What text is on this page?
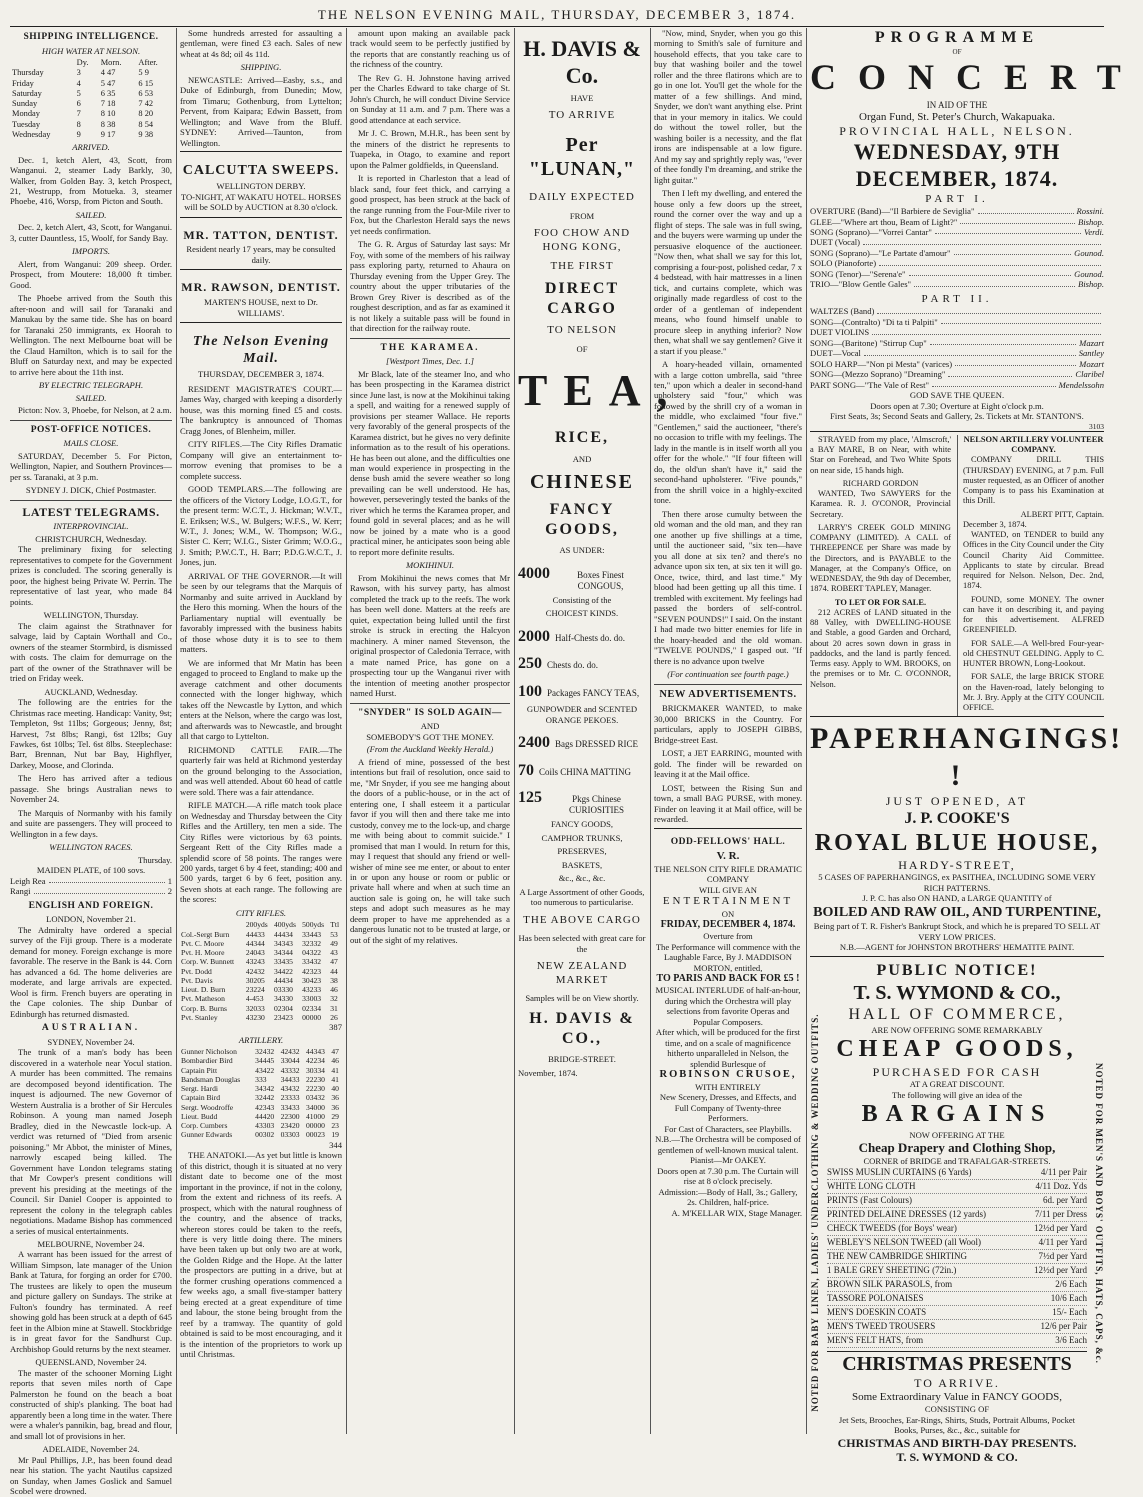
THE NELSON EVENING MAIL, THURSDAY, DECEMBER 3, 1874.
SHIPPING INTELLIGENCE.
HIGH WATER AT NELSON.
	Dy.	Morn.	After.
Thursday	3	4 47	5 9
Friday	4	5 47	6 15
Saturday	5	6 35	6 53
Sunday	6	7 18	7 42
Monday	7	8 10	8 20
Tuesday	8	8 38	8 54
Wednesday	9	9 17	9 38
ARRIVED.

Dec. 1, ketch Alert, 43, Scott, from Wanganui. 2, steamer Lady Barkly, 30, Walker, from Golden Bay. 3, ketch Prospect, 21, Westrupp, from Motueka. 3, steamer Phoebe, 416, Worsp, from Picton and South.

SAILED.

Dec. 2, ketch Alert, 43, Scott, for Wanganui. 3, cutter Dauntless, 15, Woolf, for Sandy Bay.

IMPORTS.

Alert, from Wanganui: 209 sheep. Order. Prospect, from Moutere: 18,000 ft timber. Good.

The Phoebe arrived from the South this after-noon and will sail for Taranaki and Manukau by the same tide. She has on board for Taranaki 250 immigrants, ex Hoorah to Wellington. The next Melbourne boat will be the Claud Hamilton, which is to sail for the Bluff on Saturday next, and may be expected to arrive here about the 11th inst.

BY ELECTRIC TELEGRAPH.
SAILED.

Picton: Nov. 3, Phoebe, for Nelson, at 2 a.m.

POST-OFFICE NOTICES.
MAILS CLOSE.

SATURDAY, December 5. For Picton, Wellington, Napier, and Southern Provinces—per ss. Taranaki, at 3 p.m.

SYDNEY J. DICK, Chief Postmaster.
LATEST TELEGRAMS.
INTERPROVINCIAL.
CHRISTCHURCH, Wednesday.

The preliminary fixing for selecting representatives to compete for the Government prizes is concluded. The scoring generally is poor, the highest being Private W. Perrin. The representative of last year, who made 84 points.

WELLINGTON, Thursday.

The claim against the Strathnaver for salvage, laid by Captain Worthall and Co., owners of the steamer Stormbird, is dismissed with costs. The claim for demurrage on the part of the owner of the Strathnaver will be tried on Friday week.

AUCKLAND, Wednesday.

The following are the entries for the Christmas race meeting. Handicap: Vanity, 9st; Templeton, 9st 11lbs; Gorgeous; Jenny, 8st; Harvest, 7st 8lbs; Rangi, 6st 12lbs; Guy Fawkes, 6st 10lbs; Tel. 6st 8lbs. Steeplechase: Barr, Brennan, Nut bar Bay, Highflyer, Darkey, Moose, and Clorinda.

The Hero has arrived after a tedious passage. She brings Australian news to November 24.

The Marquis of Normanby with his family and suite are passengers. They will proceed to Wellington in a few days.

WELLINGTON RACES.
Thursday.
MAIDEN PLATE, of 100 sovs.
Leigh Rea	1
Rangi	2
ENGLISH AND FOREIGN.
LONDON, November 21.

The Admiralty have ordered a special survey of the Fiji group. There is a moderate demand for money. Foreign exchange is more favorable. The reserve in the Bank is 44. Corn has advanced a 6d. The home deliveries are moderate, and large arrivals are expected. Wool is firm. French buyers are operating in the Cape colonies. The ship Dunbar of Edinburgh has returned dismasted.

AUSTRALIAN.
SYDNEY, November 24.

The trunk of a man's body has been discovered in a waterhole near Yocul station. A murder has been committed. The remains are decomposed beyond identification. The inquest is adjourned. The new Governor of Western Australia is a brother of Sir Hercules Robinson. A young man named Joseph Bradley, died in the Newcastle lock-up. A verdict was returned of "Died from arsenic poisoning." Mr Abbot, the minister of Mines, narrowly escaped being killed. The Government have London telegrams stating that Mr Cowper's present conditions will prevent his presiding at the meetings of the Council. Sir Daniel Cooper is appointed to represent the colony in the telegraph cables negotiations. Madame Bishop has commenced a series of musical entertainments.

MELBOURNE, November 24.

A warrant has been issued for the arrest of William Simpson, late manager of the Union Bank at Tatura, for forging an order for £700. The trustees are likely to open the museum and picture gallery on Sundays. The strike at Fulton's foundry has terminated. A reef showing gold has been struck at a depth of 645 feet in the Albion mine at Stawell. Stockbridge is in great favor for the Sandhurst Cup. Archbishop Gould returns by the next steamer.

QUEENSLAND, November 24.

The master of the schooner Morning Light reports that seven miles north of Cape Palmerston he found on the beach a boat constructed of ship's planking. The boat had apparently been a long time in the water. There were a whaler's pannikin, bag, bread and flour, and small lot of provisions in her.

ADELAIDE, November 24.

Mr Paul Phillips, J.P., has been found dead near his station. The yacht Nautilus capsized on Sunday, when James Goslick and Samuel Scobel were drowned.

Some hundreds arrested for assaulting a gentleman, were fined £3 each. Sales of new wheat at 4s 8d; oil 4s 11d.

SHIPPING.

NEWCASTLE: Arrived—Easby, s.s., and Duke of Edinburgh, from Dunedin; Mow, from Timaru; Gothenburg, from Lyttelton; Pervent, from Kaipara; Edwin Bassett, from Wellington; and Wave from the Bluff. SYDNEY: Arrived—Taunton, from Wellington.

CALCUTTA SWEEPS.
WELLINGTON DERBY.
TO-NIGHT, AT WAKATU HOTEL. HORSES will be SOLD by AUCTION at 8.30 o'clock.
MR. TATTON, DENTIST.
Resident nearly 17 years, may be consulted daily.
MR. RAWSON, DENTIST.
MARTEN'S HOUSE, next to Dr. WILLIAMS'.
The Nelson Evening Mail.
THURSDAY, DECEMBER 3, 1874.

RESIDENT MAGISTRATE'S COURT.—James Way, charged with keeping a disorderly house, was this morning fined £5 and costs. The bankruptcy is announced of Thomas Cragg Jones, of Blenheim, miller.

CITY RIFLES.—The City Rifles Dramatic Company will give an entertainment to-morrow evening that promises to be a complete success.

GOOD TEMPLARS.—The following are the officers of the Victory Lodge, I.O.G.T., for the present term: W.C.T., J. Hickman; W.V.T., E. Eriksen; W.S., W. Bulgers; W.F.S., W. Kerr; W.T., J. Jones; W.M., W. Thompson; W.G., Sister C. Kerr; W.I.G., Sister Grimm; W.O.G., J. Smith; P.W.C.T., H. Barr; P.D.G.W.C.T., J. Jones, jun.

ARRIVAL OF THE GOVERNOR.—It will be seen by our telegrams that the Marquis of Normanby and suite arrived in Auckland by the Hero this morning. When the hours of the Parliamentary nuptial will eventually be favorably impressed with the business habits of those whose duty it is to see to them matters.

We are informed that Mr Matin has been engaged to proceed to England to make up the average catchment and other documents connected with the longer highway, which takes off the Newcastle by Lytton, and which enters at the Nelson, where the cargo was lost, and afterwards was to Newcastle, and brought all that cargo to Lyttelton.

RICHMOND CATTLE FAIR.—The quarterly fair was held at Richmond yesterday on the ground belonging to the Association, and was well attended. About 60 head of cattle were sold. There was a fair attendance.

RIFLE MATCH.—A rifle match took place on Wednesday and Thursday between the City Rifles and the Artillery, ten men a side. The City Rifles were victorious by 63 points. Sergeant Rett of the City Rifles made a splendid score of 58 points. The ranges were 200 yards, target 6 by 4 feet, standing; 400 and 500 yards, target 6 by 6 feet, position any. Seven shots at each range. The following are the scores:

CITY RIFLES.
	200yds	400yds	500yds	Ttl
Col.-Sergt Burn	44433	44434	33443	53
Pvt. C. Moore	44344	34343	32332	49
Pvt. H. Moore	24043	34344	04322	43
Corp. W. Bunnett	43243	33435	33432	47
Pvt. Dodd	42432	34422	42323	44
Pvt. Davis	30205	44434	30423	38
Lieut. D. Burn	23224	03330	43233	46
Pvt. Matheson	4-453	34330	33003	32
Corp. B. Burns	32033	02304	02334	31
Pvt. Stanley	43230	23423	00000	26
387
ARTILLERY.
Gunner Nicholson	32432	42432	44343	47
Bombardier Bird	34445	33044	42234	46
Captain Pitt	43422	43332	30334	41
Bandsman Douglas	333	34433	22230	41
Sergt. Hardi	34342	43432	22230	40
Captain Bird	32442	23333	03432	36
Sergt. Woodroffe	42343	33433	34000	36
Lieut. Budd	44420	22300	41000	29
Corp. Cumbers	43303	23420	00000	23
Gunner Edwards	00302	03303	00023	19
344

THE ANATOKI.—As yet but little is known of this district, though it is situated at no very distant date to become one of the most important in the province, if not in the colony, from the extent and richness of its reefs. A prospect, which with the natural roughness of the country, and the absence of tracks, whereon stores could be taken to the reefs, there is very little doing there. The miners have been taken up but only two are at work, the Golden Ridge and the Hope. At the latter the prospectors are putting in a drive, but at the former crushing operations commenced a few weeks ago, a small five-stamper battery being erected at a great expenditure of time and labour, the stone being brought from the reef by a tramway. The quantity of gold obtained is said to be most encouraging, and it is the intention of the proprietors to work up until Christmas.

amount upon making an available pack track would seem to be perfectly justified by the reports that are constantly reaching us of the richness of the country.

The Rev G. H. Johnstone having arrived per the Charles Edward to take charge of St. John's Church, he will conduct Divine Service on Sunday at 11 a.m. and 7 p.m. There was a good attendance at each service.

Mr J. C. Brown, M.H.R., has been sent by the miners of the district he represents to Tuapeka, in Otago, to examine and report upon the Palmer goldfields, in Queensland.

It is reported in Charleston that a lead of black sand, four feet thick, and carrying a good prospect, has been struck at the back of the range running from the Four-Mile river to Fox, but the Charleston Herald says the news yet needs confirmation.

The G. R. Argus of Saturday last says: Mr Foy, with some of the members of his railway pass exploring party, returned to Ahaura on Thursday evening from the Upper Grey. The country about the upper tributaries of the Brown Grey River is described as of the roughest description, and as far as examined it is not likely a suitable pass will be found in that direction for the railway route.

THE KARAMEA.
[Westport Times, Dec. 1.]

Mr Black, late of the steamer Ino, and who has been prospecting in the Karamea district since June last, is now at the Mokihinui taking a spell, and waiting for a renewed supply of provisions per steamer Wallace. He reports very favorably of the general prospects of the Karamea district, but he gives no very definite information as to the result of his operations. He has been out alone, and the difficulties one man would experience in prospecting in the dense bush amid the severe weather so long prevailing can be well understood. He has, however, perseveringly tested the banks of the river which he terms the Karamea proper, and found gold in several places; and as he will now be joined by a mate who is a good practical miner, he anticipates soon being able to report more definite results.

MOKIHINUI.

From Mokihinui the news comes that Mr Rawson, with his survey party, has almost completed the track up to the reefs. The work has been well done. Matters at the reefs are quiet, expectation being lulled until the first stroke is struck in erecting the Halcyon machinery. A miner named Stevenson, the original prospector of Caledonia Terrace, with a mate named Price, has gone on a prospecting tour up the Wanganui river with the intention of meeting another prospector named Hurst.

"SNYDER" IS SOLD AGAIN—
AND
SOMEBODY'S GOT THE MONEY.
(From the Auckland Weekly Herald.)

A friend of mine, possessed of the best intentions but frail of resolution, once said to me, "Mr Snyder, if you see me hanging about the doors of a public-house, or in the act of entering one, I shall esteem it a particular favor if you will then and there take me into custody, convey me to the lock-up, and charge me with being about to commit suicide." I promised that man I would. In return for this, may I request that should any friend or well-wisher of mine see me enter, or about to enter in or upon any house or room or public or private hall where and when at such time an auction sale is going on, he will take such steps and adopt such measures as he may deem proper to have me apprehended as a dangerous lunatic not to be trusted at large, or out of the sight of my relatives.

H. DAVIS & Co.
HAVE
TO ARRIVE
Per "LUNAN,"
DAILY EXPECTED
FROM
FOO CHOW AND HONG KONG,
THE FIRST
DIRECT CARGO
TO NELSON
OF
TEA,
RICE,
AND
CHINESE
FANCY GOODS,
AS UNDER:
4000	Boxes Finest CONGOUS,
Consisting of the
CHOICEST KINDS.
2000 Half-Chests do. do.
250 Chests do. do.
100 Packages FANCY TEAS,
GUNPOWDER and SCENTED ORANGE PEKOES.
2400 Bags DRESSED RICE
70 Coils CHINA MATTING
125	Pkgs Chinese CURIOSITIES
FANCY GOODS,
CAMPHOR TRUNKS,
PRESERVES,
BASKETS,
&c., &c., &c.
A Large Assortment of other Goods, too numerous to particularise.
THE ABOVE CARGO
Has been selected with great care for the
NEW ZEALAND MARKET
Samples will be on View shortly.
H. DAVIS & CO.,
BRIDGE-STREET.
November, 1874.

"Now, mind, Snyder, when you go this morning to Smith's sale of furniture and household effects, that you take care to buy that washing boiler and the towel roller and the three flatirons which are to go in one lot. You'll get the whole for the matter of a few shillings. And mind, Snyder, we don't want anything else. Print that in your memory in italics. We could do without the towel roller, but the washing boiler is a necessity, and the flat irons are indispensable at a low figure. And my say and sprightly reply was, "ever of thee fondly I'm dreaming, and strike the light guitar."

Then I left my dwelling, and entered the house only a few doors up the street, round the corner over the way and up a flight of steps. The sale was in full swing, and the buyers were warming up under the persuasive eloquence of the auctioneer. "Now then, what shall we say for this lot, comprising a four-post, polished cedar, 7 x 4 bedstead, with hair mattresses in a linen tick, and curtains complete, which was originally made regardless of cost to the order of a gentleman of independent means, who found himself unable to procure sleep in anything inferior? Now then, what shall we say gentlemen? Give it a start if you please."

A hoary-headed villain, ornamented with a large cotton umbrella, said "three ten," upon which a dealer in second-hand upholstery said "four," which was followed by the shrill cry of a woman in the middle, who exclaimed "four five." "Gentlemen," said the auctioneer, "there's no occasion to trifle with my feelings. The lady in the mantle is in itself worth all you offer for the whole." "If four fifteen will do, the old'un shan't have it," said the second-hand upholsterer. "Five pounds," from the shrill voice in a highly-excited tone.

Then there arose cumulty between the old woman and the old man, and they ran one another up five shillings at a time, until the auctioneer said, "six ten—have you all done at six ten? and there's no advance upon six ten, at six ten it will go. Once, twice, third, and last time." My blood had been getting up all this time. I trembled with excitement. My feelings had passed the borders of self-control. "SEVEN POUNDS!" I said. On the instant I had made two bitter enemies for life in the hoary-headed and the old woman. "TWELVE POUNDS," I gasped out. "If there is no advance upon twelve

(For continuation see fourth page.)
NEW ADVERTISEMENTS.

BRICKMAKER WANTED, to make 30,000 BRICKS in the Country. For particulars, apply to JOSEPH GIBBS, Bridge-street East.

LOST, a JET EARRING, mounted with gold. The finder will be rewarded on leaving it at the Mail office.

LOST, between the Rising Sun and town, a small BAG PURSE, with money. Finder on leaving it at Mail office, will be rewarded.

ODD-FELLOWS' HALL.
V. R.
THE NELSON CITY RIFLE DRAMATIC COMPANY
WILL GIVE AN
ENTERTAINMENT
ON
FRIDAY, DECEMBER 4, 1874.
Overture from
The Performance will commence with the Laughable Farce, By J. MADDISON MORTON, entitled,
TO PARIS AND BACK FOR £5 !
MUSICAL INTERLUDE of half-an-hour, during which the Orchestra will play selections from favorite Operas and Popular Composers.
After which, will be produced for the first time, and on a scale of magnificence hitherto unparalleled in Nelson, the splendid Burlesque of
ROBINSON CRUSOE,
WITH ENTIRELY
New Scenery, Dresses, and Effects, and Full Company of Twenty-three Performers.
For Cast of Characters, see Playbills.
N.B.—The Orchestra will be composed of gentlemen of well-known musical talent. Pianist—Mr OAKEY.
Doors open at 7.30 p.m. The Curtain will rise at 8 o'clock precisely.
Admission:—Body of Hall, 3s.; Gallery, 2s. Children, half-price.
A. M'KELLAR WIX, Stage Manager.
PROGRAMME
OF
CONCERT
IN AID OF THE
Organ Fund, St. Peter's Church, Wakapuaka.
PROVINCIAL HALL, NELSON.
WEDNESDAY, 9TH DECEMBER, 1874.
PART I.
OVERTURE (Band)—"Il Barbiere de Seviglia"	Rossini.
GLEE—"Where art thou, Beam of Light?"	Bishop.
SONG (Soprano)—"Vorrei Cantar"	Verdi.
DUET (Vocal)
SONG (Soprano)—"Le Partate d'amour"	Gounod.
SOLO (Pianoforte)
SONG (Tenor)—"Serena'e"	Gounod.
TRIO—"Blow Gentle Gales"	Bishop.
PART II.
WALTZES (Band)
SONG—(Contralto) "Di ta ti Palpiti"
DUET VIOLINS
SONG—(Baritone) "Stirrup Cup"	Mazart
DUET—Vocal	Santley
SOLO HARP—"Non pi Mesta" (varices)	Mozart
SONG—(Mezzo Soprano) "Dreaming"	Claribel
PART SONG—"The Vale of Rest"	Mendelssohn
GOD SAVE THE QUEEN.
Doors open at 7.30; Overture at Eight o'clock p.m.
First Seats, 3s; Second Seats and Gallery, 2s. Tickets at Mr. STANTON'S.
3103

STRAYED from my place, 'Almscroft,' a BAY MARE, B on Near, with white Star on Forehead, and Two White Spots on near side, 15 hands high.

RICHARD GORDON

WANTED, Two SAWYERS for the Karamea. R. J. O'CONOR, Provincial Secretary.

LARRY'S CREEK GOLD MINING COMPANY (LIMITED). A CALL of THREEPENCE per Share was made by the Directors, and is PAYABLE to the Manager, at the Company's Office, on WEDNESDAY, the 9th day of December, 1874. ROBERT TAPLEY, Manager.

TO LET OR FOR SALE.

212 ACRES of LAND situated in the 88 Valley, with DWELLING-HOUSE and Stable, a good Garden and Orchard, about 20 acres sown down in grass in paddocks, and the land is partly fenced. Terms easy. Apply to WM. BROOKS, on the premises or to Mr. C. O'CONNOR, Nelson.

NELSON ARTILLERY VOLUNTEER COMPANY.

COMPANY DRILL THIS (THURSDAY) EVENING, at 7 p.m. Full muster requested, as an Officer of another Company is to pass his Examination at this Drill.

ALBERT PITT, Captain.
December 3, 1874.

WANTED, on TENDER to build any Offices in the City Council under the City Council Charity Aid Committee. Applicants to state by circular. Bread required for Nelson. Nelson, Dec. 2nd, 1874.

FOUND, some MONEY. The owner can have it on describing it, and paying for this advertisement. ALFRED GREENFIELD.

FOR SALE.—A Well-bred Four-year-old CHESTNUT GELDING. Apply to C. HUNTER BROWN, Long-Lookout.

FOR SALE, the large BRICK STORE on the Haven-road, lately belonging to Mr. J. Bry. Apply at the CITY COUNCIL OFFICE.

PAPERHANGINGS! !
JUST OPENED, AT
J. P. COOKE'S
ROYAL BLUE HOUSE,
HARDY-STREET,
5 CASES OF PAPERHANGINGS, ex PASITHEA, INCLUDING SOME VERY RICH PATTERNS.
J. P. C. has also ON HAND, a LARGE QUANTITY of
BOILED AND RAW OIL, AND TURPENTINE,
Being part of T. R. Fisher's Bankrupt Stock, and which he is prepared TO SELL AT VERY LOW PRICES.
N.B.—AGENT for JOHNSTON BROTHERS' HEMATITE PAINT.
NOTED FOR BABY LINEN, LADIES' UNDERCLOTHING & WEDDING OUTFITS.
PUBLIC NOTICE!
T. S. WYMOND & CO.,
HALL OF COMMERCE,
ARE NOW OFFERING SOME REMARKABLY
CHEAP GOODS,
PURCHASED FOR CASH
AT A GREAT DISCOUNT.
The following will give an idea of the
BARGAINS
NOW OFFERING AT THE
Cheap Drapery and Clothing Shop,
CORNER of BRIDGE and TRAFALGAR-STREETS.
SWISS MUSLIN CURTAINS (6 Yards)	4/11 per Pair
WHITE LONG CLOTH	4/11 Doz. Yds
PRINTS (Fast Colours)	6d. per Yard
PRINTED DELAINE DRESSES (12 yards)	7/11 per Dress
CHECK TWEEDS (for Boys' wear)	12½d per Yard
WEBLEY'S NELSON TWEED (all Wool)	4/11 per Yard
THE NEW CAMBRIDGE SHIRTING	7½d per Yard
1 BALE GREY SHEETING (72in.)	12½d per Yard
BROWN SILK PARASOLS, from	2/6 Each
TASSORE POLONAISES	10/6 Each
MEN'S DOESKIN COATS	15/- Each
MEN'S TWEED TROUSERS	12/6 per Pair
MEN'S FELT HATS, from	3/6 Each
CHRISTMAS PRESENTS
TO ARRIVE.
Some Extraordinary Value in FANCY GOODS,
CONSISTING OF
Jet Sets, Brooches, Ear-Rings, Shirts, Studs, Portrait Albums, Pocket Books, Purses, &c., &c., suitable for
CHRISTMAS AND BIRTH-DAY PRESENTS.
T. S. WYMOND & CO.
NOTED FOR MEN'S AND BOYS' OUTFITS, HATS, CAPS, &c.
